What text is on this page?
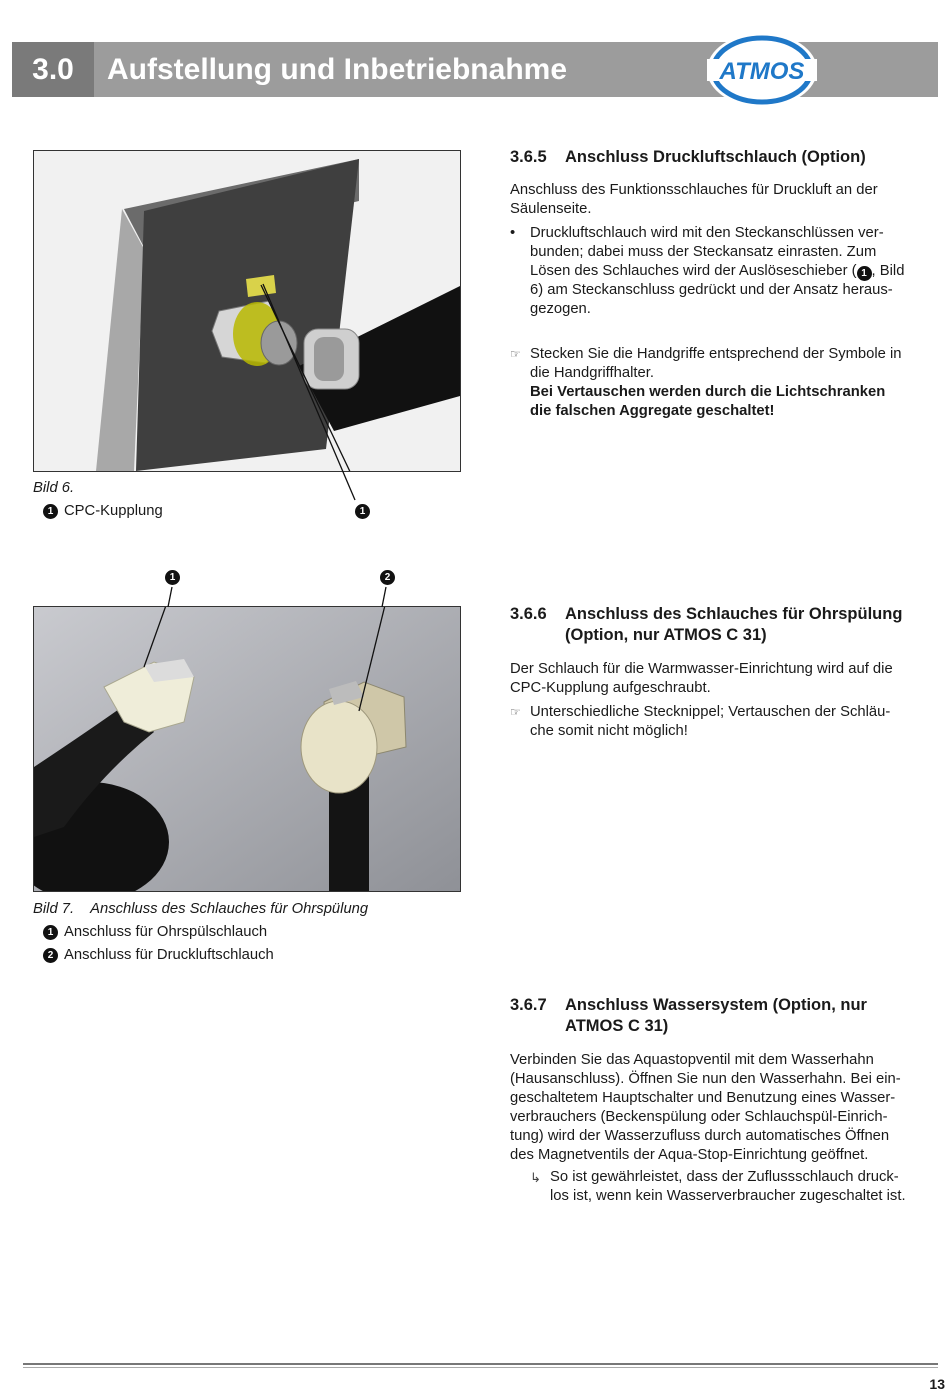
3.0	Aufstellung und Inbetriebnahme	ATMOS
1
Bild 6.
1 CPC-Kupplung
1	2
Bild 7. Anschluss des Schlauches für Ohrspülung
1 Anschluss für Ohrspülschlauch
2 Anschluss für Druckluftschlauch
3.6.5 Anschluss Druckluftschlauch (Option)
Anschluss des Funktionsschlauches für Druckluft an der
Säulenseite.
•	Druckluftschlauch wird mit den Steckanschlüssen ver-
bunden; dabei muss der Steckansatz einrasten. Zum
Lösen des Schlauches wird der Auslöseschieber ( 1 , Bild
6) am Steckanschluss gedrückt und der Ansatz heraus-
gezogen.
☞ Stecken Sie die Handgriffe entsprechend der Symbole in
die Handgriffhalter.
Bei Vertauschen werden durch die Lichtschranken
die falschen Aggregate geschaltet!
3.6.6 Anschluss des Schlauches für Ohrspülung
(Option, nur ATMOS C 31)
Der Schlauch für die Warmwasser-Einrichtung wird auf die
CPC-Kupplung aufgeschraubt.
☞ Unterschiedliche Stecknippel; Vertauschen der Schläu-
che somit nicht möglich!
3.6.7 Anschluss Wassersystem (Option, nur
ATMOS C 31)
Verbinden Sie das Aquastopventil mit dem Wasserhahn
(Hausanschluss). Öffnen Sie nun den Wasserhahn. Bei ein-
geschaltetem Hauptschalter und Benutzung eines Wasser-
verbrauchers (Beckenspülung oder Schlauchspül-Einrich-
tung) wird der Wasserzufluss durch automatisches Öffnen
des Magnetventils der Aqua-Stop-Einrichtung geöffnet.
↳ So ist gewährleistet, dass der Zuflussschlauch druck-
los ist, wenn kein Wasserverbraucher zugeschaltet ist.
13
